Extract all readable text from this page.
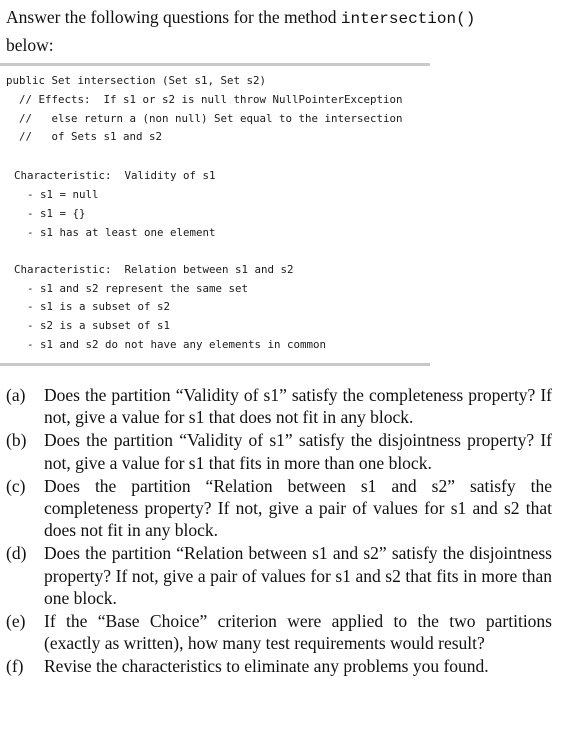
Answer the following questions for the method intersection()
below:
public Set intersection (Set s1, Set s2)
// Effects:  If s1 or s2 is null throw NullPointerException
//   else return a (non null) Set equal to the intersection
//   of Sets s1 and s2
Characteristic:  Validity of s1
- s1 = null
- s1 = {}
- s1 has at least one element
Characteristic:  Relation between s1 and s2
- s1 and s2 represent the same set
- s1 is a subset of s2
- s2 is a subset of s1
- s1 and s2 do not have any elements in common
(a) Does the partition “Validity of s1” satisfy the completeness property? If not, give a value for s1 that does not fit in any block.
(b) Does the partition “Validity of s1” satisfy the disjointness property? If not, give a value for s1 that fits in more than one block.
(c) Does the partition “Relation between s1 and s2” satisfy the completeness property? If not, give a pair of values for s1 and s2 that does not fit in any block.
(d) Does the partition “Relation between s1 and s2” satisfy the disjointness property? If not, give a pair of values for s1 and s2 that fits in more than one block.
(e) If the “Base Choice” criterion were applied to the two partitions (exactly as written), how many test requirements would result?
(f) Revise the characteristics to eliminate any problems you found.
